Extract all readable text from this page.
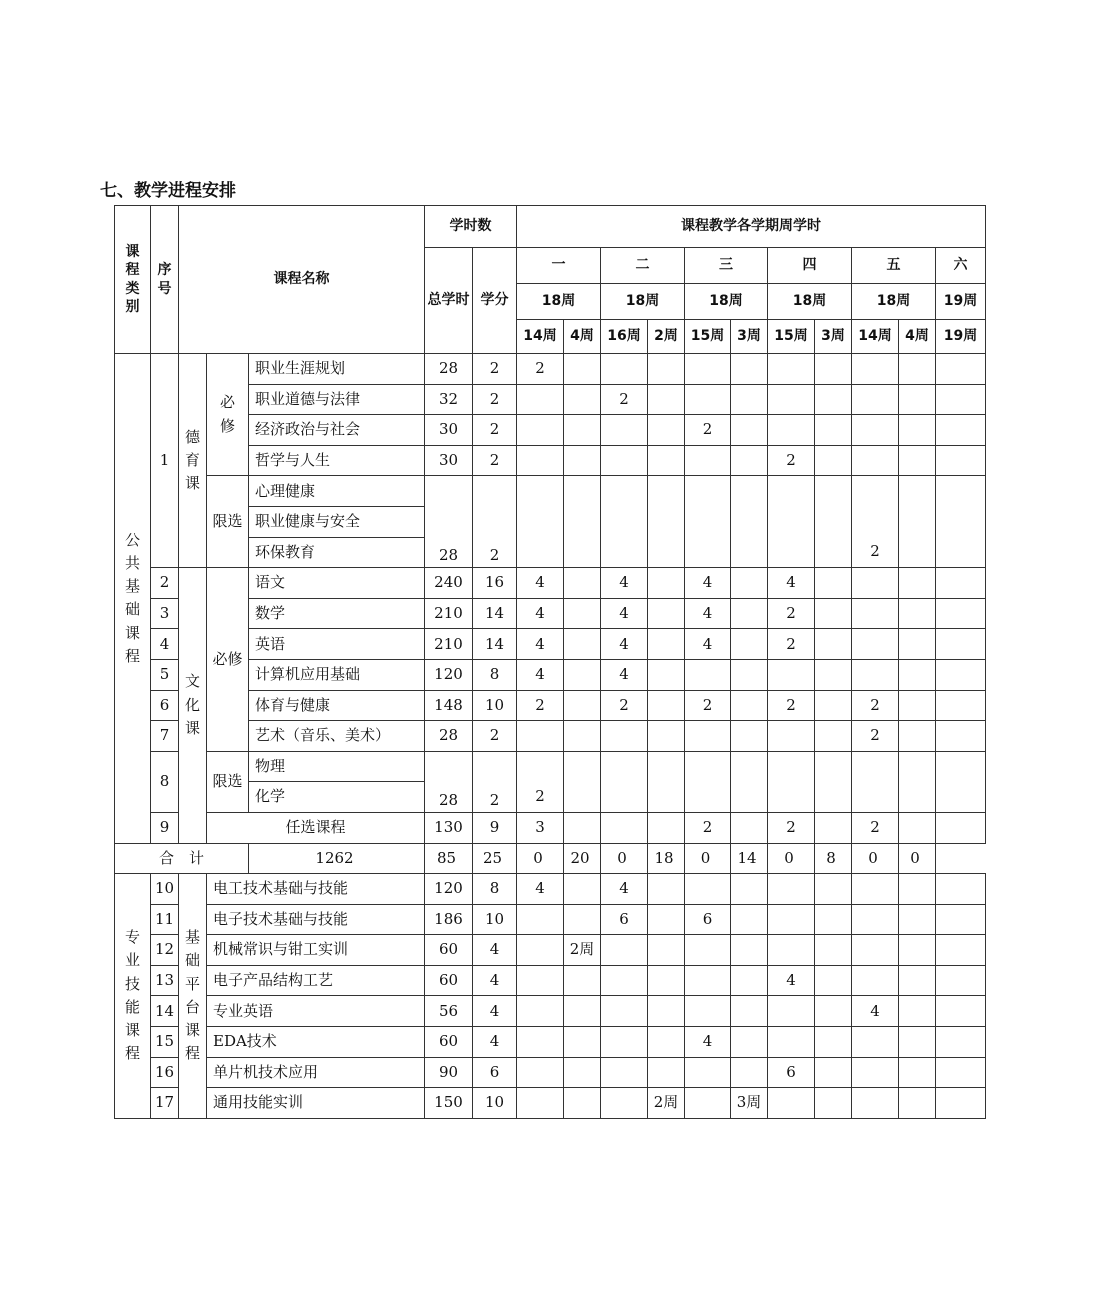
七、教学进程安排
课程类别	序号	课程名称			学时数		课程教学各学期周学时										
					总学时	学分	一		二		三		四		五		六
							18周		18周		18周		18周		18周		19周
							14周	4周	16周	2周	15周	3周	15周	3周	14周	4周	19周
公共基础课程	1	德育课	必修	职业生涯规划	28	2	2										
				职业道德与法律	32	2			2								
				经济政治与社会	30	2					2						
				哲学与人生	30	2							2				
			限选	心理健康	28	2											
				职业健康与安全													
				环保教育											2		
	2	文化课	必修	语文	240	16	4		4		4		4				
	3			数学	210	14	4		4		4		2				
	4			英语	210	14	4		4		4		2				
	5			计算机应用基础	120	8	4		4								
	6			体育与健康	148	10	2		2		2		2		2		
	7			艺术（音乐、美术）	28	2									2		
	8		限选	物理	28	2											
				化学			2										
	9		任选课程		130	9	3				2		2		2		
合　计				1262	85	25	0	20	0	18	0	14	0	8	0	0	
专业技能课程	10	基础平台课程	电工技术基础与技能		120	8	4		4								
	11		电子技术基础与技能		186	10			6		6						
	12		机械常识与钳工实训		60	4		2周									
	13		电子产品结构工艺		60	4							4				
	14		专业英语		56	4									4		
	15		EDA技术		60	4					4						
	16		单片机技术应用		90	6							6				
	17		通用技能实训		150	10				2周		3周					
